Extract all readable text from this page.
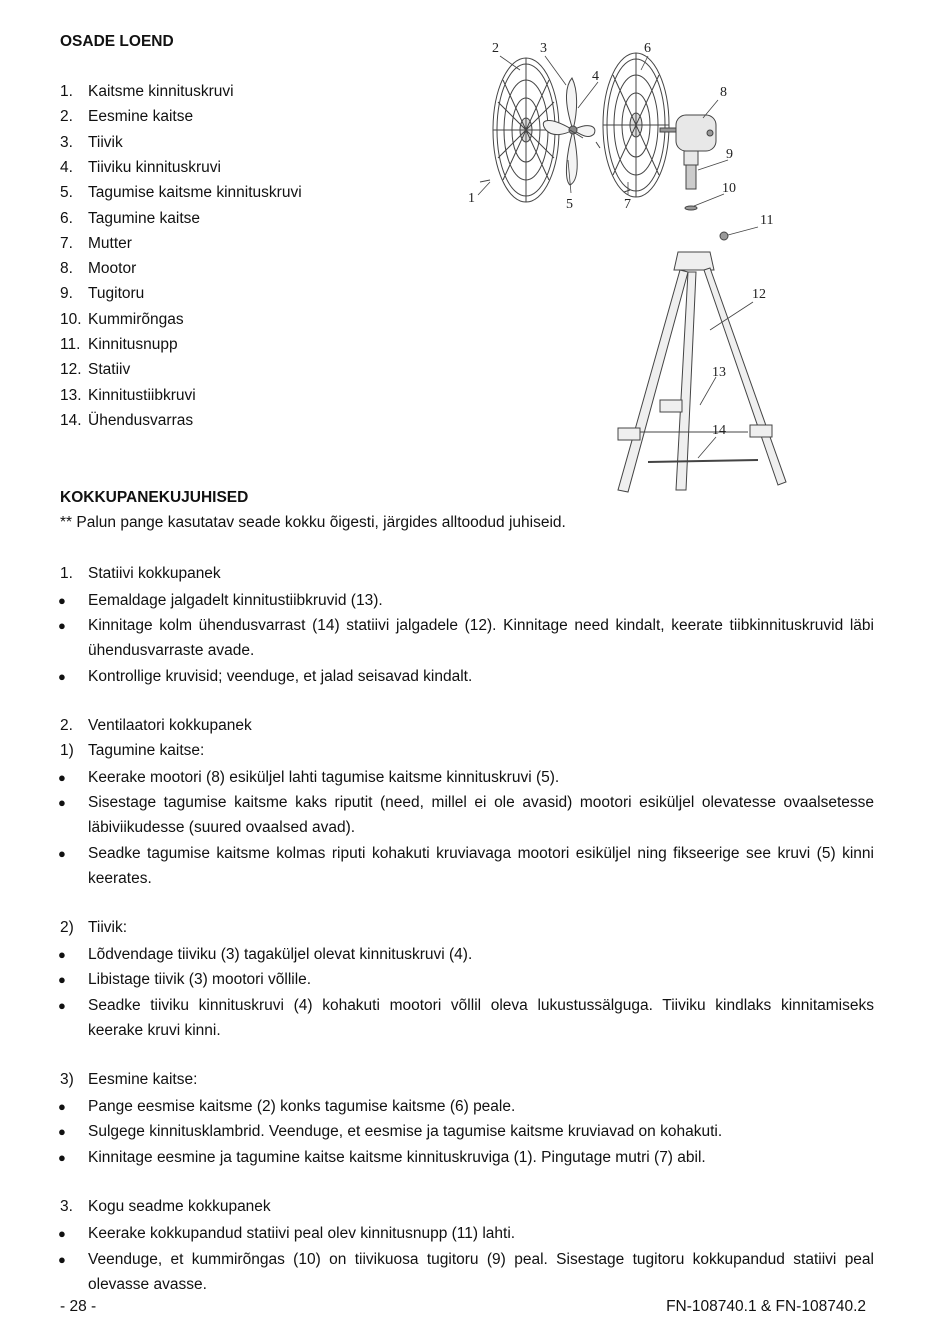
OSADE LOEND
1. Kaitsme kinnituskruvi
2. Eesmine kaitse
3. Tiivik
4. Tiiviku kinnituskruvi
5. Tagumise kaitsme kinnituskruvi
6. Tagumine kaitse
7. Mutter
8. Mootor
9. Tugitoru
10. Kummirõngas
11. Kinnitusnupp
12. Statiiv
13. Kinnitustiibkruvi
14. Ühendusvarras
1
2	3
4
5
6
7
8
9
10
11
12
13
14
KOKKUPANEKUJUHISED
** Palun pange kasutatav seade kokku õigesti, järgides alltoodud juhiseid.
1. Statiivi kokkupanek
● Eemaldage jalgadelt kinnitustiibkruvid (13).
● Kinnitage kolm ühendusvarrast (14) statiivi jalgadele (12). Kinnitage need kindalt, keerate tiibkinnituskruvid läbi ühendusvarraste avade.
● Kontrollige kruvisid; veenduge, et jalad seisavad kindalt.
2. Ventilaatori kokkupanek
1) Tagumine kaitse:
● Keerake mootori (8) esiküljel lahti tagumise kaitsme kinnituskruvi (5).
● Sisestage tagumise kaitsme kaks riputit (need, millel ei ole avasid) mootori esiküljel olevatesse ovaalsetesse läbiviikudesse (suured ovaalsed avad).
● Seadke tagumise kaitsme kolmas riputi kohakuti kruviavaga mootori esiküljel ning fikseerige see kruvi (5) kinni keerates.
2) Tiivik:
● Lõdvendage tiiviku (3) tagaküljel olevat kinnituskruvi (4).
● Libistage tiivik (3) mootori võllile.
● Seadke tiiviku kinnituskruvi (4) kohakuti mootori võllil oleva lukustussälguga. Tiiviku kindlaks kinnitamiseks keerake kruvi kinni.
3) Eesmine kaitse:
● Pange eesmise kaitsme (2) konks tagumise kaitsme (6) peale.
● Sulgege kinnitusklambrid. Veenduge, et eesmise ja tagumise kaitsme kruviavad on kohakuti.
● Kinnitage eesmine ja tagumine kaitse kaitsme kinnituskruviga (1). Pingutage mutri (7) abil.
3. Kogu seadme kokkupanek
● Keerake kokkupandud statiivi peal olev kinnitusnupp (11) lahti.
● Veenduge, et kummirõngas (10) on tiivikuosa tugitoru (9) peal. Sisestage tugitoru kokkupandud statiivi peal olevasse avasse.
- 28 -	FN-108740.1 & FN-108740.2
